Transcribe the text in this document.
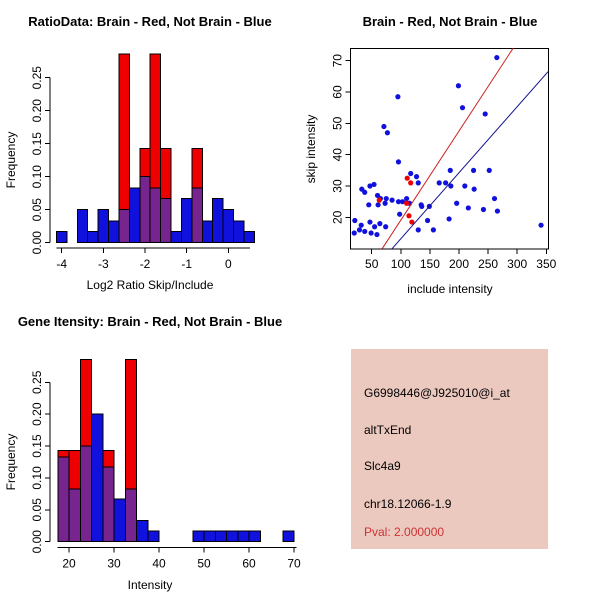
RatioData: Brain - Red, Not Brain - Blue
Log2 Ratio Skip/Include
Frequency
0.00
0.05
0.10
0.15
0.20
0.25
-4	-3	-2	-1	0
Brain - Red, Not Brain - Blue
include intensity
skip intensity
50 100 150 200 250 300 350
20
30
40
50
60
70
Gene Itensity: Brain - Red, Not Brain - Blue
Intensity
Frequency
0.00
0.05
0.10
0.15
0.20
0.25
20	30	40	50	60	70
G6998446@J925010@i_at
altTxEnd
Slc4a9
chr18.12066-1.9
Pval: 2.000000
